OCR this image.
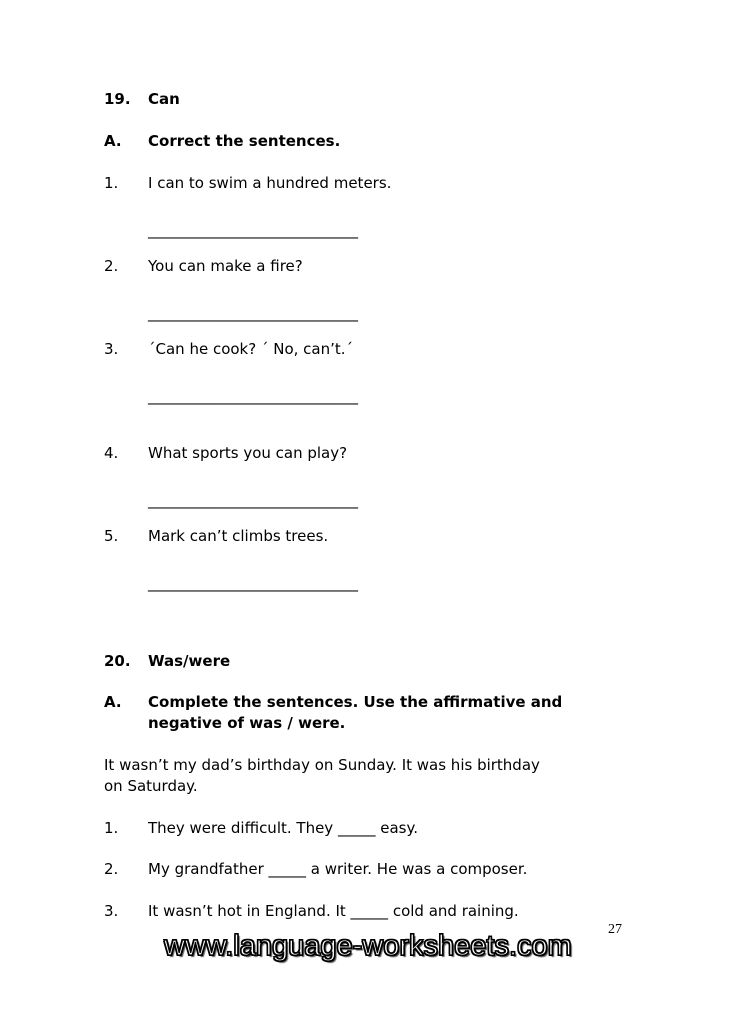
19. Can
A. Correct the sentences.
1. I can to swim a hundred meters.
____________________________
2. You can make a fire?
____________________________
3. ´Can he cook? ´ No, can’t.´
____________________________
4. What sports you can play?
____________________________
5. Mark can’t climbs trees.
____________________________
20. Was/were
A. Complete the sentences. Use the affirmative and
negative of was / were.
It wasn’t my dad’s birthday on Sunday. It was his birthday
on Saturday.
1. They were difficult. They _____ easy.
2. My grandfather _____ a writer. He was a composer.
3. It wasn’t hot in England. It _____ cold and raining.
27
www.language-worksheets.com
